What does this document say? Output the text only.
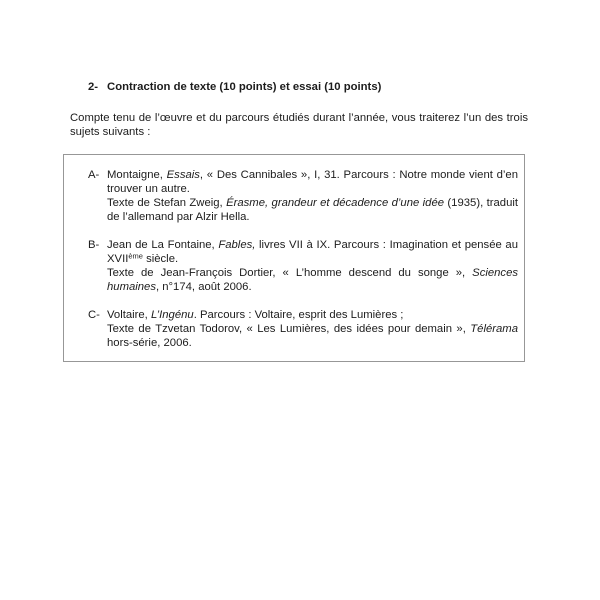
2- Contraction de texte (10 points) et essai (10 points)

Compte tenu de l’œuvre et du parcours étudiés durant l’année, vous traiterez l’un des trois sujets suivants :

A- Montaigne, Essais, « Des Cannibales », I, 31. Parcours : Notre monde vient d’en trouver un autre.
Texte de Stefan Zweig, Érasme, grandeur et décadence d’une idée (1935), traduit de l’allemand par Alzir Hella.
B- Jean de La Fontaine, Fables, livres VII à IX. Parcours : Imagination et pensée au XVIIème siècle.
Texte de Jean-François Dortier, « L’homme descend du songe », Sciences humaines, n°174, août 2006.
C- Voltaire, L’Ingénu. Parcours : Voltaire, esprit des Lumières ;
Texte de Tzvetan Todorov, « Les Lumières, des idées pour demain », Télérama hors-série, 2006.
